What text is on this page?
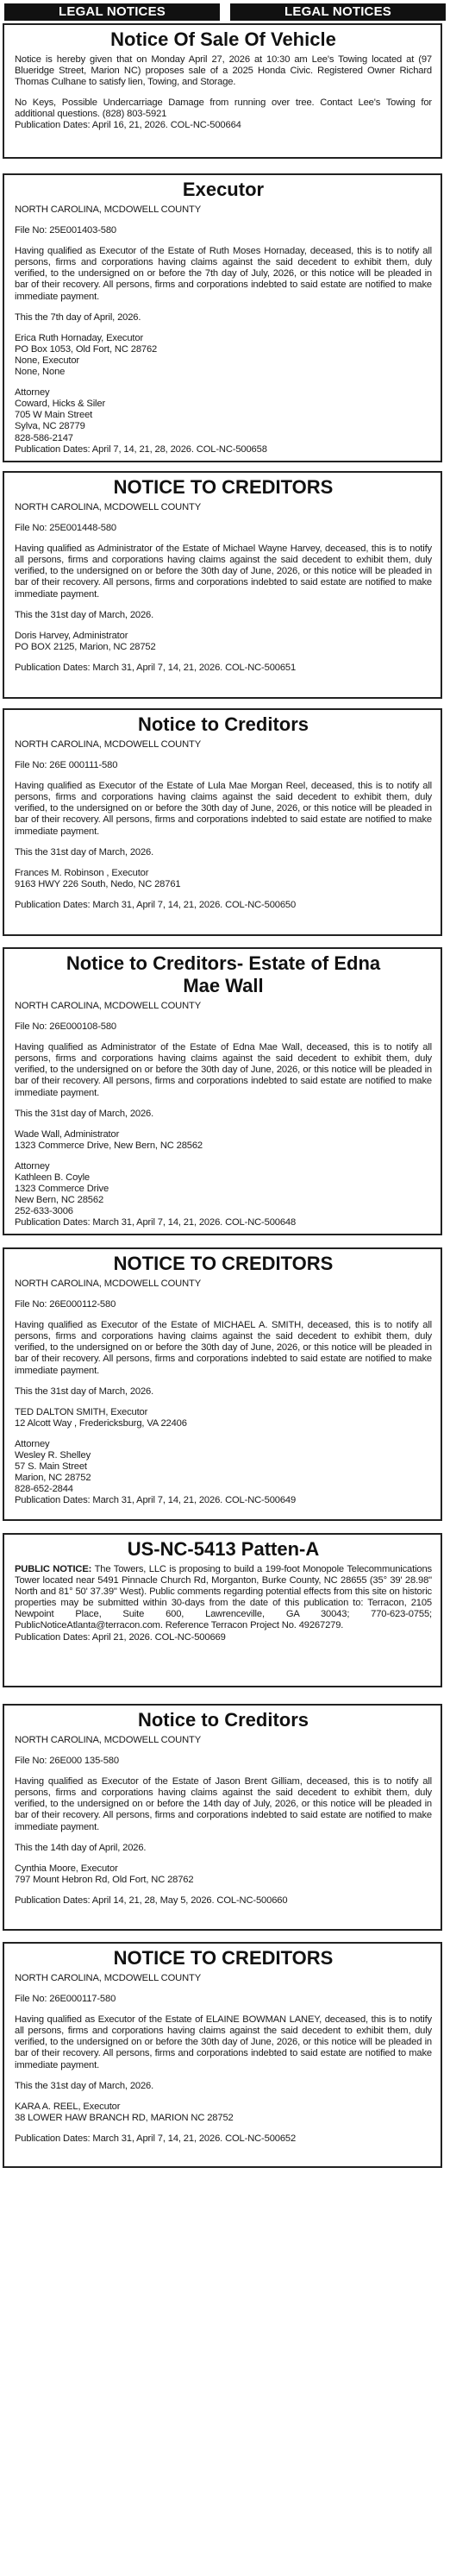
LEGAL NOTICES	LEGAL NOTICES
Notice Of Sale Of Vehicle
Notice is hereby given that on Monday April 27, 2026 at 10:30 am Lee's Towing located at (97 Blueridge Street, Marion NC) proposes sale of a 2025 Honda Civic. Registered Owner Richard Thomas Culhane to satisfy lien, Towing, and Storage.
No Keys, Possible Undercarriage Damage from running over tree. Contact Lee's Towing for additional questions. (828) 803-5921
Publication Dates: April 16, 21, 2026. COL-NC-500664
Executor
NORTH CAROLINA, MCDOWELL COUNTY
File No: 25E001403-580
Having qualified as Executor of the Estate of Ruth Moses Hornaday, deceased, this is to notify all persons, firms and corporations having claims against the said decedent to exhibit them, duly verified, to the undersigned on or before the 7th day of July, 2026, or this notice will be pleaded in bar of their recovery. All persons, firms and corporations indebted to said estate are notified to make immediate payment.
This the 7th day of April, 2026.
Erica Ruth Hornaday, Executor
PO Box 1053, Old Fort, NC 28762
None, Executor
None, None
Attorney
Coward, Hicks & Siler
705 W Main Street
Sylva, NC 28779
828-586-2147
Publication Dates: April 7, 14, 21, 28, 2026. COL-NC-500658
NOTICE TO CREDITORS
NORTH CAROLINA, MCDOWELL COUNTY
File No: 25E001448-580
Having qualified as Administrator of the Estate of Michael Wayne Harvey, deceased, this is to notify all persons, firms and corporations having claims against the said decedent to exhibit them, duly verified, to the undersigned on or before the 30th day of June, 2026, or this notice will be pleaded in bar of their recovery. All persons, firms and corporations indebted to said estate are notified to make immediate payment.
This the 31st day of March, 2026.
Doris Harvey, Administrator
PO BOX 2125, Marion, NC 28752
Publication Dates: March 31, April 7, 14, 21, 2026. COL-NC-500651
Notice to Creditors
NORTH CAROLINA, MCDOWELL COUNTY
File No: 26E 000111-580
Having qualified as Executor of the Estate of Lula Mae Morgan Reel, deceased, this is to notify all persons, firms and corporations having claims against the said decedent to exhibit them, duly verified, to the undersigned on or before the 30th day of June, 2026, or this notice will be pleaded in bar of their recovery. All persons, firms and corporations indebted to said estate are notified to make immediate payment.
This the 31st day of March, 2026.
Frances M. Robinson , Executor
9163 HWY 226 South, Nedo, NC 28761
Publication Dates: March 31, April 7, 14, 21, 2026. COL-NC-500650
Notice to Creditors- Estate of Edna Mae Wall
NORTH CAROLINA, MCDOWELL COUNTY
File No: 26E000108-580
Having qualified as Administrator of the Estate of Edna Mae Wall, deceased, this is to notify all persons, firms and corporations having claims against the said decedent to exhibit them, duly verified, to the undersigned on or before the 30th day of June, 2026, or this notice will be pleaded in bar of their recovery. All persons, firms and corporations indebted to said estate are notified to make immediate payment.
This the 31st day of March, 2026.
Wade Wall, Administrator
1323 Commerce Drive, New Bern, NC 28562
Attorney
Kathleen B. Coyle
1323 Commerce Drive
New Bern, NC 28562
252-633-3006
Publication Dates: March 31, April 7, 14, 21, 2026. COL-NC-500648
NOTICE TO CREDITORS
NORTH CAROLINA, MCDOWELL COUNTY
File No: 26E000112-580
Having qualified as Executor of the Estate of MICHAEL A. SMITH, deceased, this is to notify all persons, firms and corporations having claims against the said decedent to exhibit them, duly verified, to the undersigned on or before the 30th day of June, 2026, or this notice will be pleaded in bar of their recovery. All persons, firms and corporations indebted to said estate are notified to make immediate payment.
This the 31st day of March, 2026.
TED DALTON SMITH, Executor
12 Alcott Way , Fredericksburg, VA 22406
Attorney
Wesley R. Shelley
57 S. Main Street
Marion, NC 28752
828-652-2844
Publication Dates: March 31, April 7, 14, 21, 2026. COL-NC-500649
US-NC-5413 Patten-A
PUBLIC NOTICE: The Towers, LLC is proposing to build a 199-foot Monopole Telecommunications Tower located near 5491 Pinnacle Church Rd, Morganton, Burke County, NC 28655 (35° 39' 28.98" North and 81° 50' 37.39" West). Public comments regarding potential effects from this site on historic properties may be submitted within 30-days from the date of this publication to: Terracon, 2105 Newpoint Place, Suite 600, Lawrenceville, GA 30043; 770-623-0755; PublicNoticeAtlanta@terracon.com. Reference Terracon Project No. 49267279.
Publication Dates: April 21, 2026. COL-NC-500669
Notice to Creditors
NORTH CAROLINA, MCDOWELL COUNTY
File No: 26E000 135-580
Having qualified as Executor of the Estate of Jason Brent Gilliam, deceased, this is to notify all persons, firms and corporations having claims against the said decedent to exhibit them, duly verified, to the undersigned on or before the 14th day of July, 2026, or this notice will be pleaded in bar of their recovery. All persons, firms and corporations indebted to said estate are notified to make immediate payment.
This the 14th day of April, 2026.
Cynthia Moore, Executor
797 Mount Hebron Rd, Old Fort, NC 28762
Publication Dates: April 14, 21, 28, May 5, 2026. COL-NC-500660
NOTICE TO CREDITORS
NORTH CAROLINA, MCDOWELL COUNTY
File No: 26E000117-580
Having qualified as Executor of the Estate of ELAINE BOWMAN LANEY, deceased, this is to notify all persons, firms and corporations having claims against the said decedent to exhibit them, duly verified, to the undersigned on or before the 30th day of June, 2026, or this notice will be pleaded in bar of their recovery. All persons, firms and corporations indebted to said estate are notified to make immediate payment.
This the 31st day of March, 2026.
KARA A. REEL, Executor
38 LOWER HAW BRANCH RD, MARION NC 28752
Publication Dates: March 31, April 7, 14, 21, 2026. COL-NC-500652
